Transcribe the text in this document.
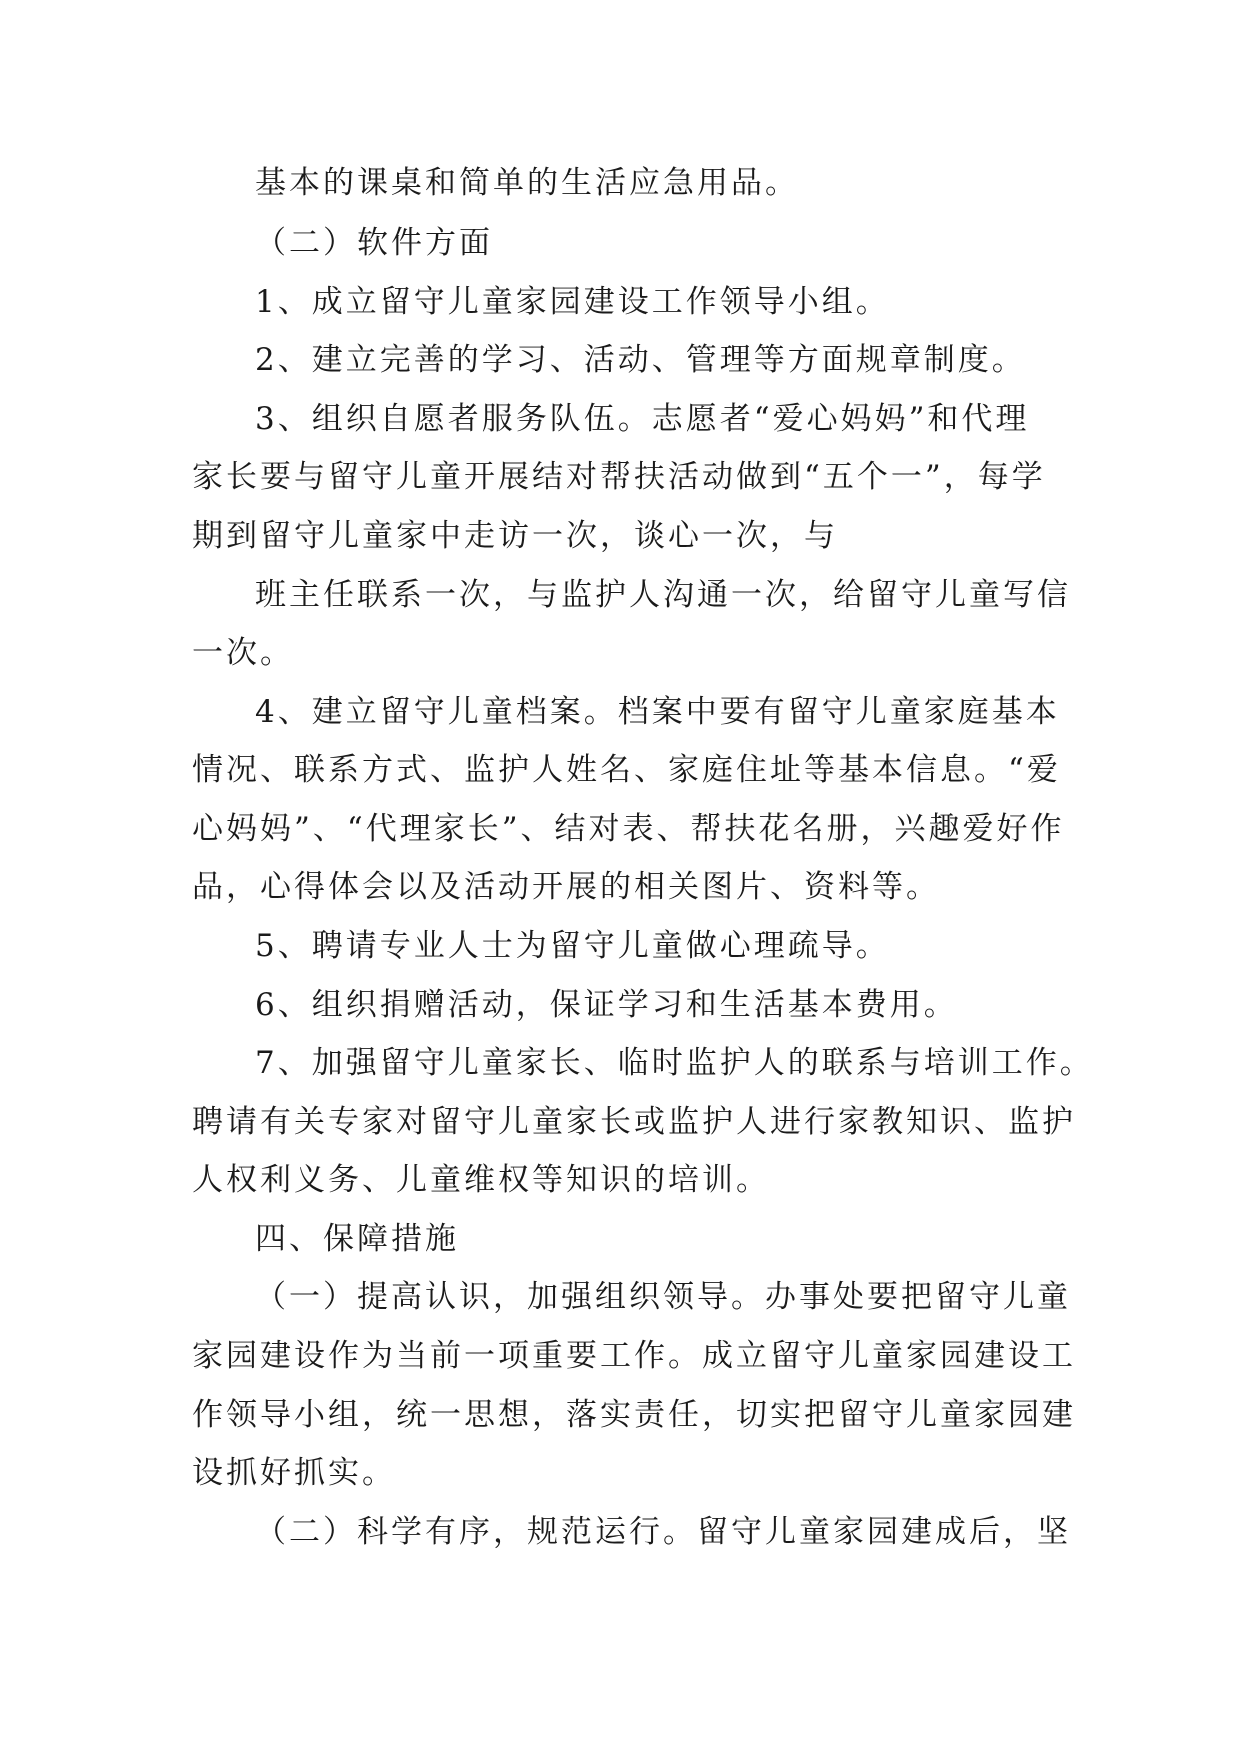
基本的课桌和简单的生活应急用品。
（二）软件方面
1、成立留守儿童家园建设工作领导小组。
2、建立完善的学习、活动、管理等方面规章制度。
3、组织自愿者服务队伍。志愿者“爱心妈妈”和代理
家长要与留守儿童开展结对帮扶活动做到“五个一”，每学
期到留守儿童家中走访一次，谈心一次，与
班主任联系一次，与监护人沟通一次，给留守儿童写信
一次。
4、建立留守儿童档案。档案中要有留守儿童家庭基本
情况、联系方式、监护人姓名、家庭住址等基本信息。“爱
心妈妈”、“代理家长”、结对表、帮扶花名册，兴趣爱好作
品，心得体会以及活动开展的相关图片、资料等。
5、聘请专业人士为留守儿童做心理疏导。
6、组织捐赠活动，保证学习和生活基本费用。
7、加强留守儿童家长、临时监护人的联系与培训工作。
聘请有关专家对留守儿童家长或监护人进行家教知识、监护
人权利义务、儿童维权等知识的培训。
四、保障措施
（一）提高认识，加强组织领导。办事处要把留守儿童
家园建设作为当前一项重要工作。成立留守儿童家园建设工
作领导小组，统一思想，落实责任，切实把留守儿童家园建
设抓好抓实。
（二）科学有序，规范运行。留守儿童家园建成后，坚
